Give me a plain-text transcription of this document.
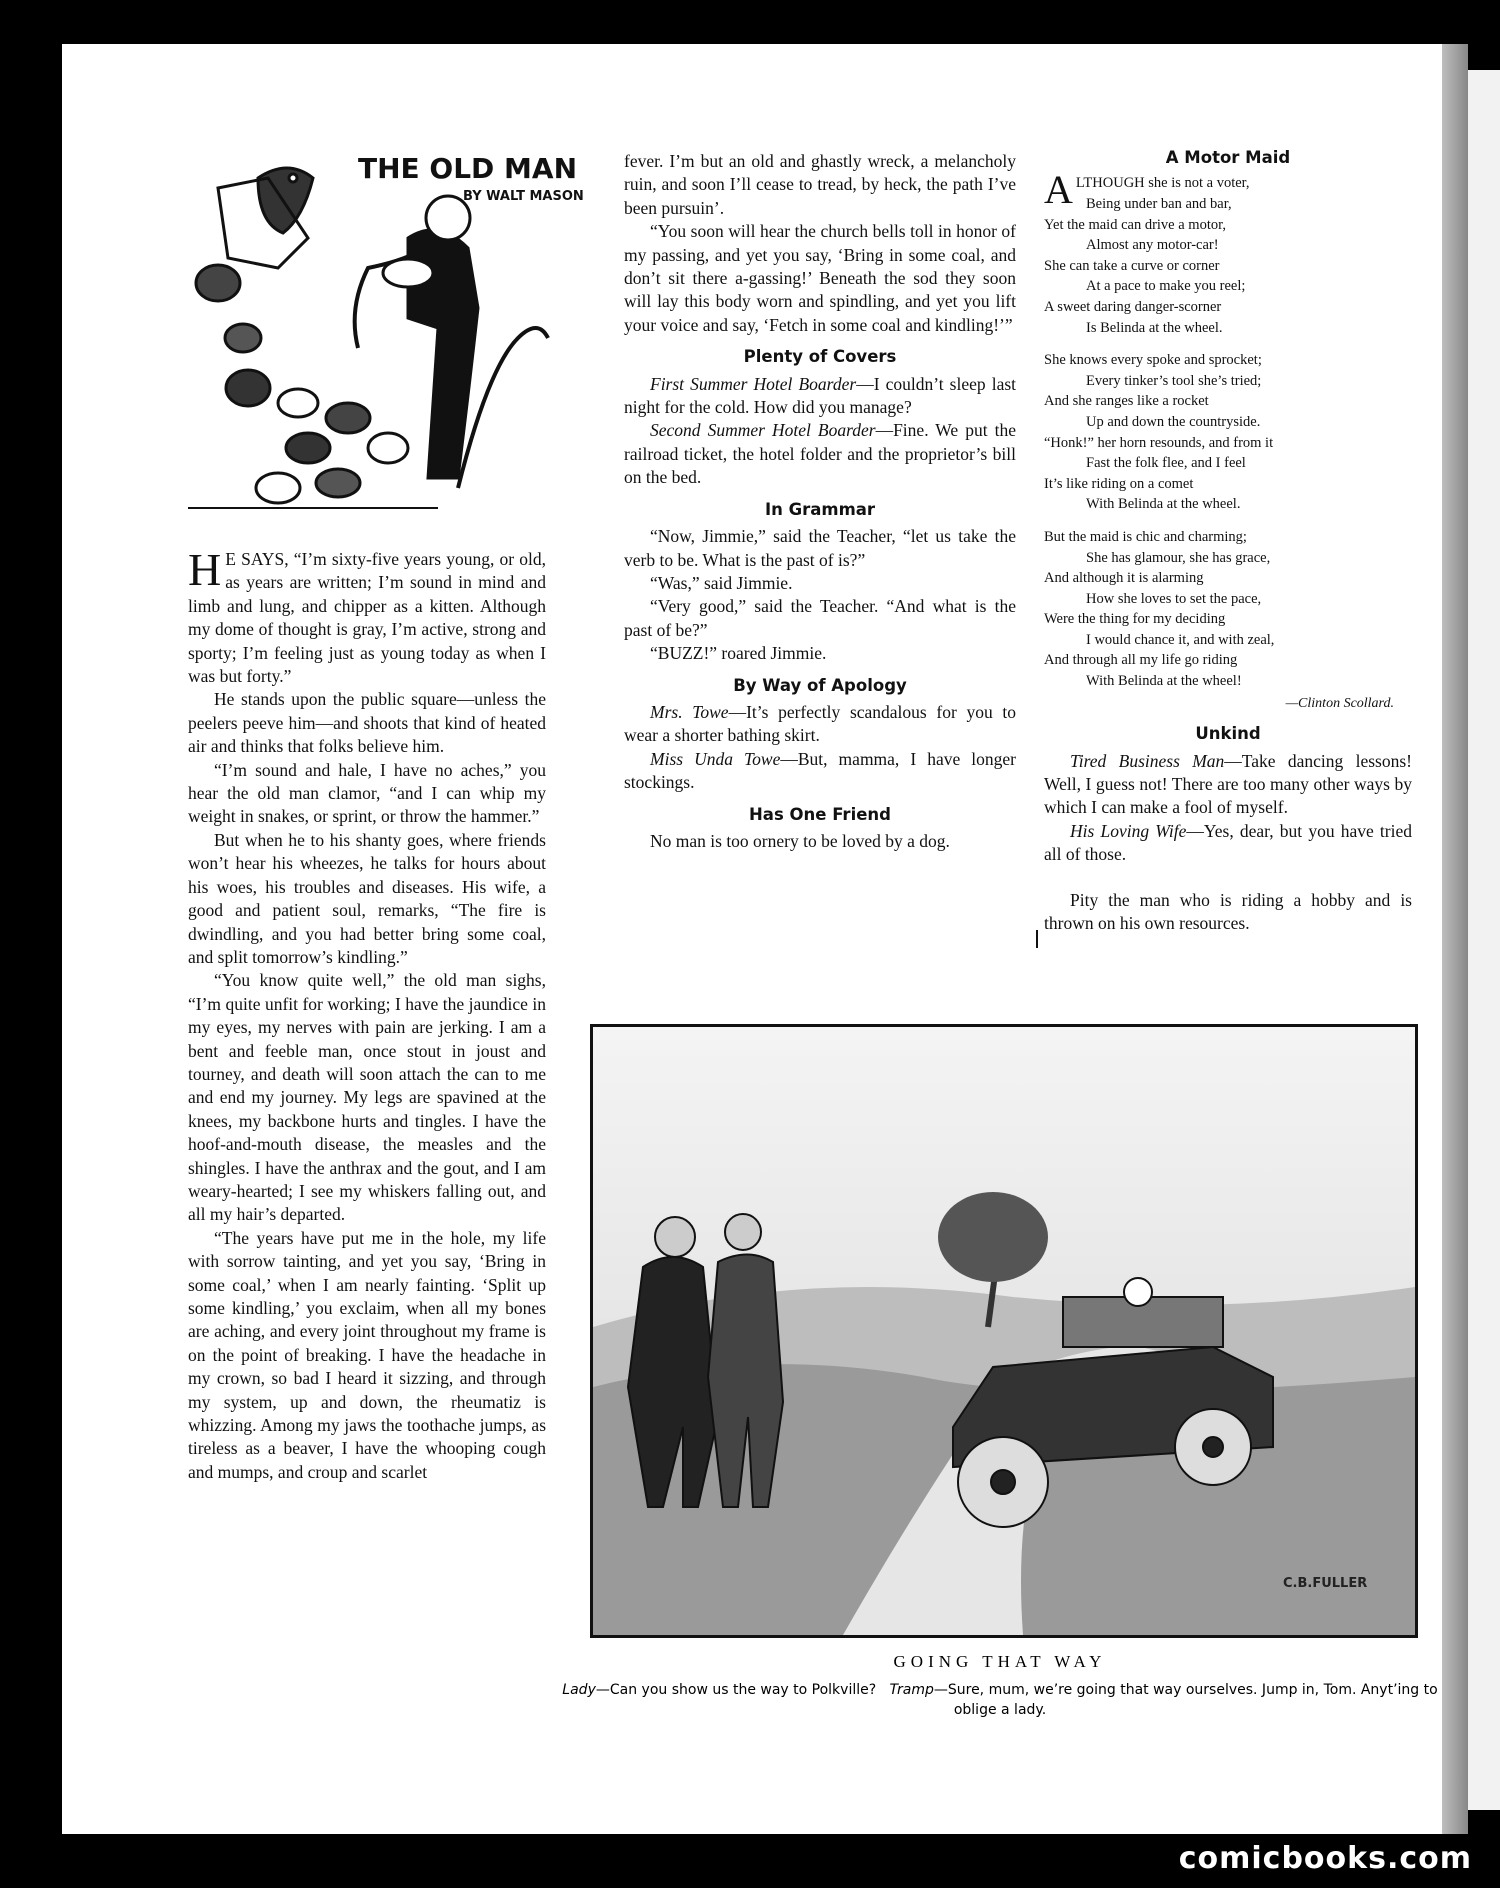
THE OLD MAN
BY WALT MASON

H E SAYS, “I’m sixty-five years young, or old, as years are written; I’m sound in mind and limb and lung, and chipper as a kitten. Although my dome of thought is gray, I’m active, strong and sporty; I’m feeling just as young today as when I was but forty.”

He stands upon the public square—unless the peelers peeve him—and shoots that kind of heated air and thinks that folks believe him.

“I’m sound and hale, I have no aches,” you hear the old man clamor, “and I can whip my weight in snakes, or sprint, or throw the hammer.”

But when he to his shanty goes, where friends won’t hear his wheezes, he talks for hours about his woes, his troubles and diseases. His wife, a good and patient soul, remarks, “The fire is dwindling, and you had better bring some coal, and split tomorrow’s kindling.”

“You know quite well,” the old man sighs, “I’m quite unfit for working; I have the jaundice in my eyes, my nerves with pain are jerking. I am a bent and feeble man, once stout in joust and tourney, and death will soon attach the can to me and end my journey. My legs are spavined at the knees, my backbone hurts and tingles. I have the hoof-and-mouth disease, the measles and the shingles. I have the anthrax and the gout, and I am weary-hearted; I see my whiskers falling out, and all my hair’s departed.

“The years have put me in the hole, my life with sorrow tainting, and yet you say, ‘Bring in some coal,’ when I am nearly fainting. ‘Split up some kindling,’ you exclaim, when all my bones are aching, and every joint throughout my frame is on the point of breaking. I have the headache in my crown, so bad I heard it sizzing, and through my system, up and down, the rheumatiz is whizzing. Among my jaws the toothache jumps, as tireless as a beaver, I have the whooping cough and mumps, and croup and scarlet

fever. I’m but an old and ghastly wreck, a melancholy ruin, and soon I’ll cease to tread, by heck, the path I’ve been pursuin’.

“You soon will hear the church bells toll in honor of my passing, and yet you say, ‘Bring in some coal, and don’t sit there a-gassing!’ Beneath the sod they soon will lay this body worn and spindling, and yet you lift your voice and say, ‘Fetch in some coal and kindling!’”

Plenty of Covers

First Summer Hotel Boarder—I couldn’t sleep last night for the cold. How did you manage?

Second Summer Hotel Boarder—Fine. We put the railroad ticket, the hotel folder and the proprietor’s bill on the bed.

In Grammar

“Now, Jimmie,” said the Teacher, “let us take the verb to be. What is the past of is?”

“Was,” said Jimmie.

“Very good,” said the Teacher. “And what is the past of be?”

“BUZZ!” roared Jimmie.

By Way of Apology

Mrs. Towe—It’s perfectly scandalous for you to wear a shorter bathing skirt.

Miss Unda Towe—But, mamma, I have longer stockings.

Has One Friend

No man is too ornery to be loved by a dog.

A Motor Maid
ALTHOUGH she is not a voter,
Being under ban and bar,
Yet the maid can drive a motor,
Almost any motor-car!
She can take a curve or corner
At a pace to make you reel;
A sweet daring danger-scorner
Is Belinda at the wheel.
She knows every spoke and sprocket;
Every tinker’s tool she’s tried;
And she ranges like a rocket
Up and down the countryside.
“Honk!” her horn resounds, and from it
Fast the folk flee, and I feel
It’s like riding on a comet
With Belinda at the wheel.
But the maid is chic and charming;
She has glamour, she has grace,
And although it is alarming
How she loves to set the pace,
Were the thing for my deciding
I would chance it, and with zeal,
And through all my life go riding
With Belinda at the wheel!
—Clinton Scollard.
Unkind

Tired Business Man—Take dancing lessons! Well, I guess not! There are too many other ways by which I can make a fool of myself.

His Loving Wife—Yes, dear, but you have tried all of those.

Pity the man who is riding a hobby and is thrown on his own resources.

C.B.FULLER
GOING THAT WAY
Lady—Can you show us the way to Polkville? Tramp—Sure, mum, we’re going that way ourselves. Jump in, Tom. Anyt’ing to oblige a lady.
comicbooks.com
